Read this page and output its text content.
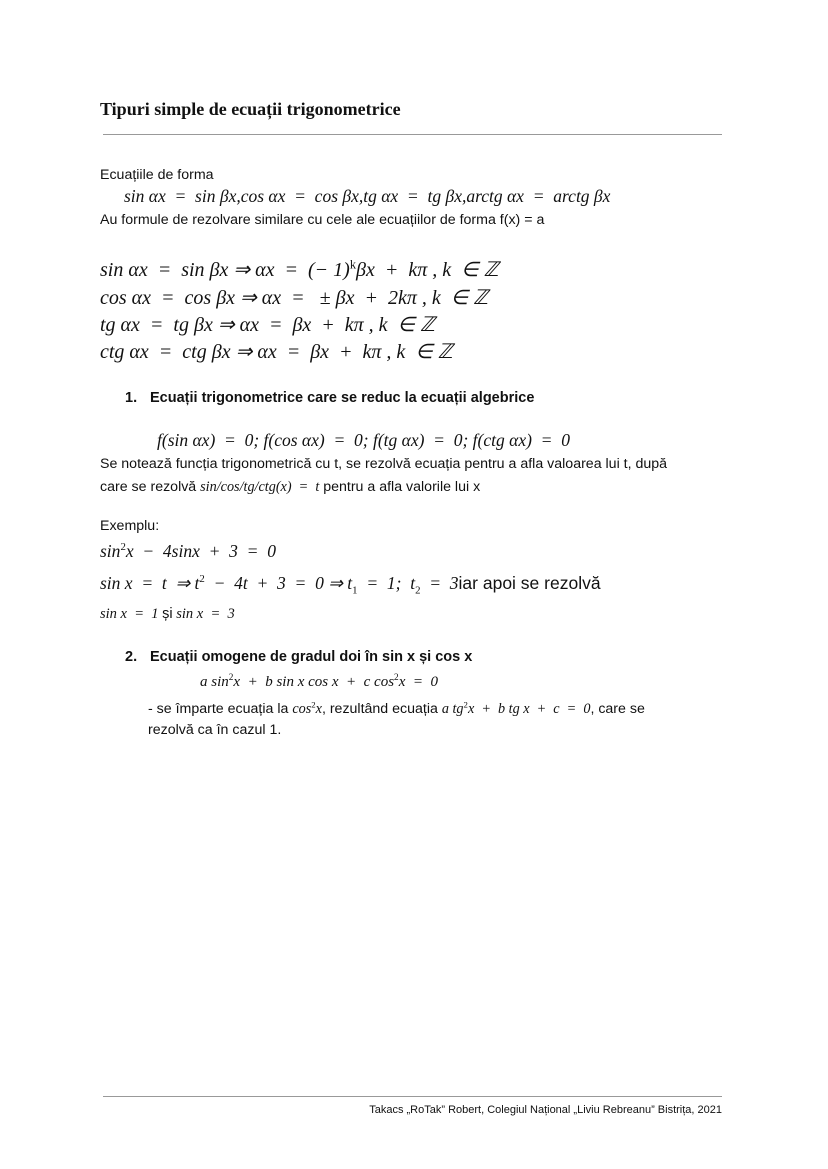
Tipuri simple de ecuații trigonometrice
Ecuațiile de forma
sin αx  =  sin βx,cos αx  =  cos βx,tg αx  =  tg βx,arctg αx  =  arctg βx
Au formule de rezolvare similare cu cele ale ecuațiilor de forma f(x) = a
sin αx  =  sin βx ⇒ αx  =  (− 1)$^k$βx  +  kπ , k  ∈ ℤ
cos αx  =  cos βx ⇒ αx  =   ± βx  +  2kπ , k  ∈ ℤ
tg αx  =  tg βx ⇒ αx  =  βx  +  kπ , k  ∈ ℤ
ctg αx  =  ctg βx ⇒ αx  =  βx  +  kπ , k  ∈ ℤ
1. Ecuații trigonometrice care se reduc la ecuații algebrice
f(sin αx)  =  0; f(cos αx)  =  0; f(tg αx)  =  0; f(ctg αx)  =  0
Se notează funcția trigonometrică cu t, se rezolvă ecuația pentru a afla valoarea lui t, după
care se rezolvă sin/cos/tg/ctg(x)  =  t pentru a afla valorile lui x
Exemplu:
$\sin^2x - 4\sin x + 3 = 0$
sin x  =  t  ⇒ $t^2 - 4t + 3 = 0$ ⇒ $t_1 = 1$;  $t_2 = 3iar$ apoi se rezolvă
sin x  =  1 și sin x  =  3
2. Ecuații omogene de gradul doi în sin x și cos x
a $\sin^2x + b$ sin x cos x  +  c $\cos^2x = 0$
- se împarte ecuația la $\cos^2x$, rezultând ecuația a $tg^2x + b$ tg x  +  c  =  0, care se
rezolvă ca în cazul 1.
Takacs „RoTak” Robert, Colegiul Național „Liviu Rebreanu” Bistrița, 2021
